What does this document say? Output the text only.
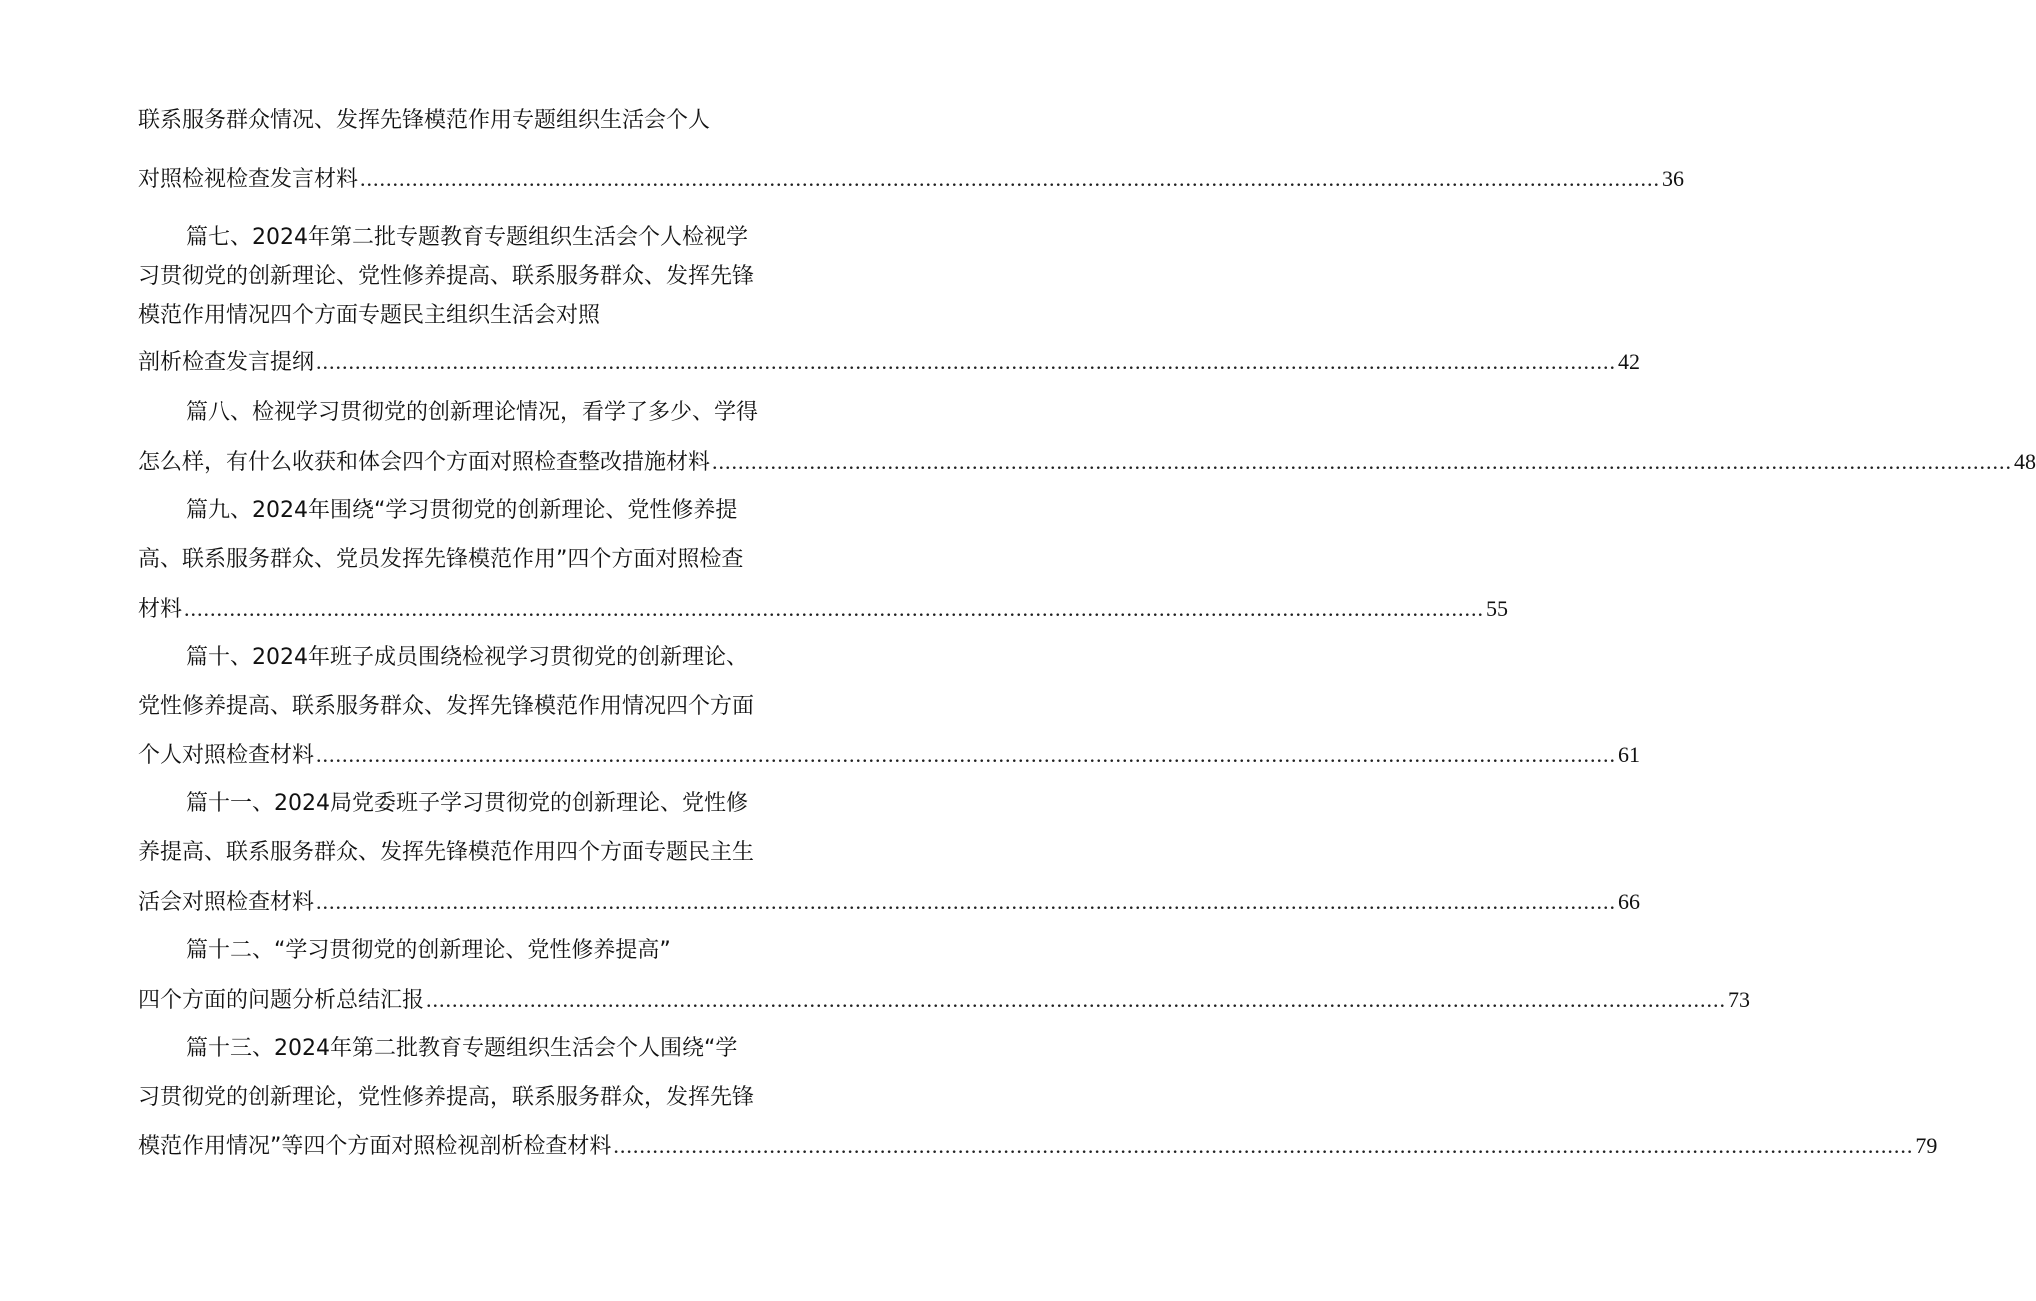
联系服务群众情况、发挥先锋模范作用专题组织生活会个人
对照检视检查发言材料 ........................................................................................................................................................................................................ 36
篇七、2024年第二批专题教育专题组织生活会个人检视学
习贯彻党的创新理论、党性修养提高、联系服务群众、发挥先锋
模范作用情况四个方面专题民主组织生活会对照
剖析检查发言提纲 ........................................................................................................................................................................................................ 42
篇八、检视学习贯彻党的创新理论情况，看学了多少、学得
怎么样，有什么收获和体会四个方面对照检查整改措施材料 ........................................................................................................................................................................................................ 48
篇九、2024年围绕“学习贯彻党的创新理论、党性修养提
高、联系服务群众、党员发挥先锋模范作用”四个方面对照检查
材料 ........................................................................................................................................................................................................ 55
篇十、2024年班子成员围绕检视学习贯彻党的创新理论、
党性修养提高、联系服务群众、发挥先锋模范作用情况四个方面
个人对照检查材料 ........................................................................................................................................................................................................ 61
篇十一、2024局党委班子学习贯彻党的创新理论、党性修
养提高、联系服务群众、发挥先锋模范作用四个方面专题民主生
活会对照检查材料 ........................................................................................................................................................................................................ 66
篇十二、“学习贯彻党的创新理论、党性修养提高”
四个方面的问题分析总结汇报 ........................................................................................................................................................................................................ 73
篇十三、2024年第二批教育专题组织生活会个人围绕“学
习贯彻党的创新理论，党性修养提高，联系服务群众，发挥先锋
模范作用情况”等四个方面对照检视剖析检查材料 ........................................................................................................................................................................................................ 79
